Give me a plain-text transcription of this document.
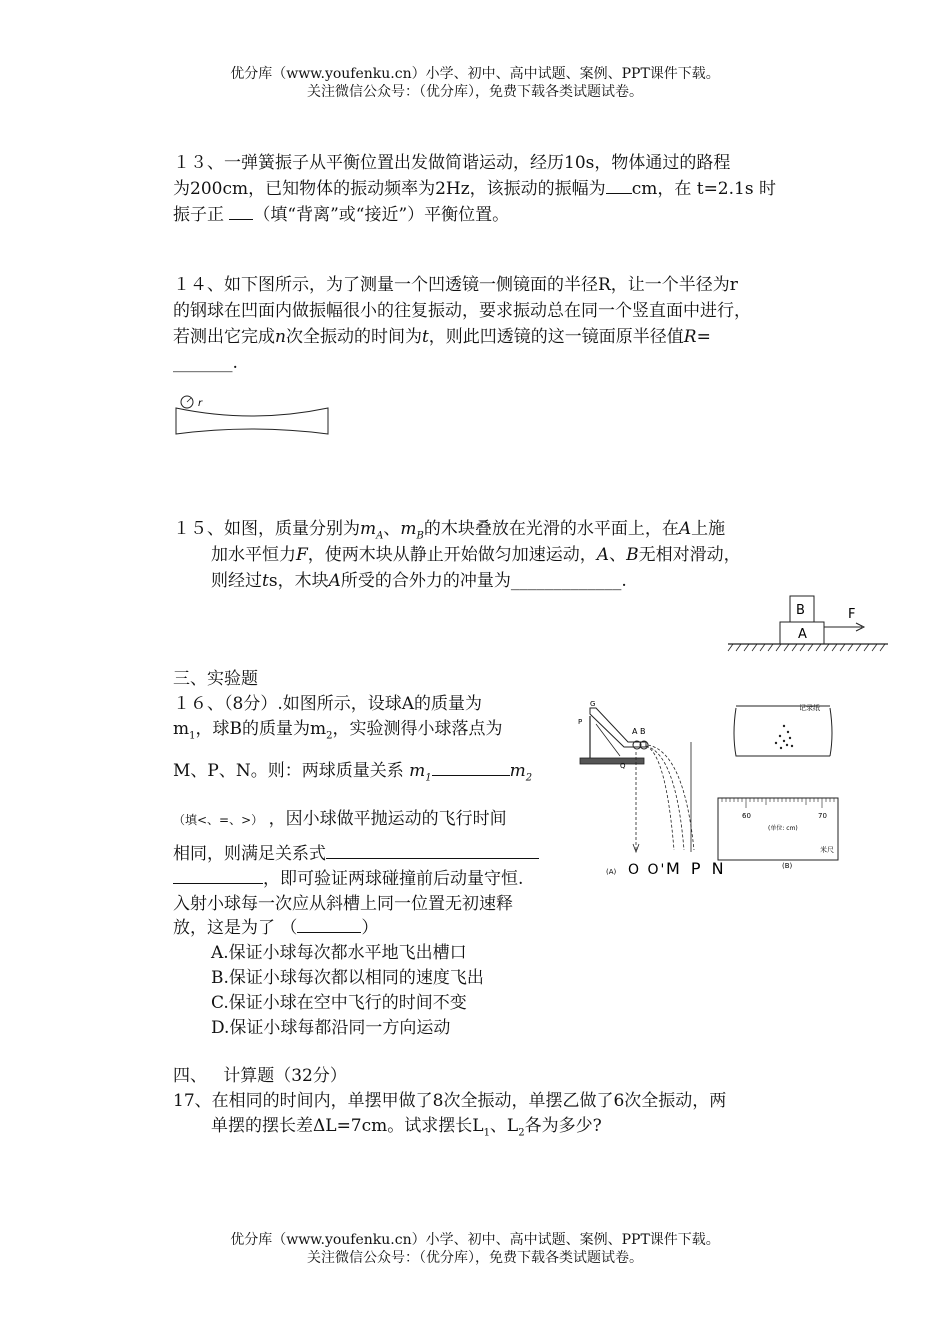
优分库（www.youfenku.cn）小学、初中、高中试题、案例、PPT课件下载。
关注微信公众号：（优分库），免费下载各类试题试卷。
１３、一弹簧振子从平衡位置出发做简谐运动，经历10s，物体通过的路程
为200cm，已知物体的振动频率为2Hz，该振动的振幅为 cm，在 t=2.1s 时
振子正 （填“背离”或“接近”）平衡位置。
１４、如下图所示，为了测量一个凹透镜一侧镜面的半径R，让一个半径为r
的钢球在凹面内做振幅很小的往复振动，要求振动总在同一个竖直面中进行，
若测出它完成n次全振动的时间为t，则此凹透镜的这一镜面原半径值R=
_______.
r
１５、如图，质量分别为$m_A$、$m_B$的木块叠放在光滑的水平面上，在A上施
加水平恒力F，使两木块从静止开始做匀加速运动，A、B无相对滑动，
则经过ts，木块A所受的合外力的冲量为_____________.
A
B	F
三、实验题
１６、（8分）.如图所示，设球A的质量为
$m_1$，球B的质量为$m_2$，实验测得小球落点为
M、P、N。则：两球质量关系 $m_1$	$m_2$
（填<、=、>） ，因小球做平抛运动的飞行时间
相同，则满足关系式
，即可验证两球碰撞前后动量守恒.
入射小球每一次应从斜槽上同一位置无初速释
放，这是为了 （	）
A.保证小球每次都水平地飞出槽口
B.保证小球每次都以相同的速度飞出
C.保证小球在空中飞行的时间不变
D.保证小球每都沿同一方向运动
G
P
A B
Q
(A) O O' M P N
记录纸
60	70
(单位: cm)
米尺
(B)
四、   计算题（32分）
17、在相同的时间内，单摆甲做了8次全振动，单摆乙做了6次全振动，两
单摆的摆长差ΔL=7cm。试求摆长$L_1$、$L_2$各为多少?
优分库（www.youfenku.cn）小学、初中、高中试题、案例、PPT课件下载。
关注微信公众号：（优分库），免费下载各类试题试卷。
